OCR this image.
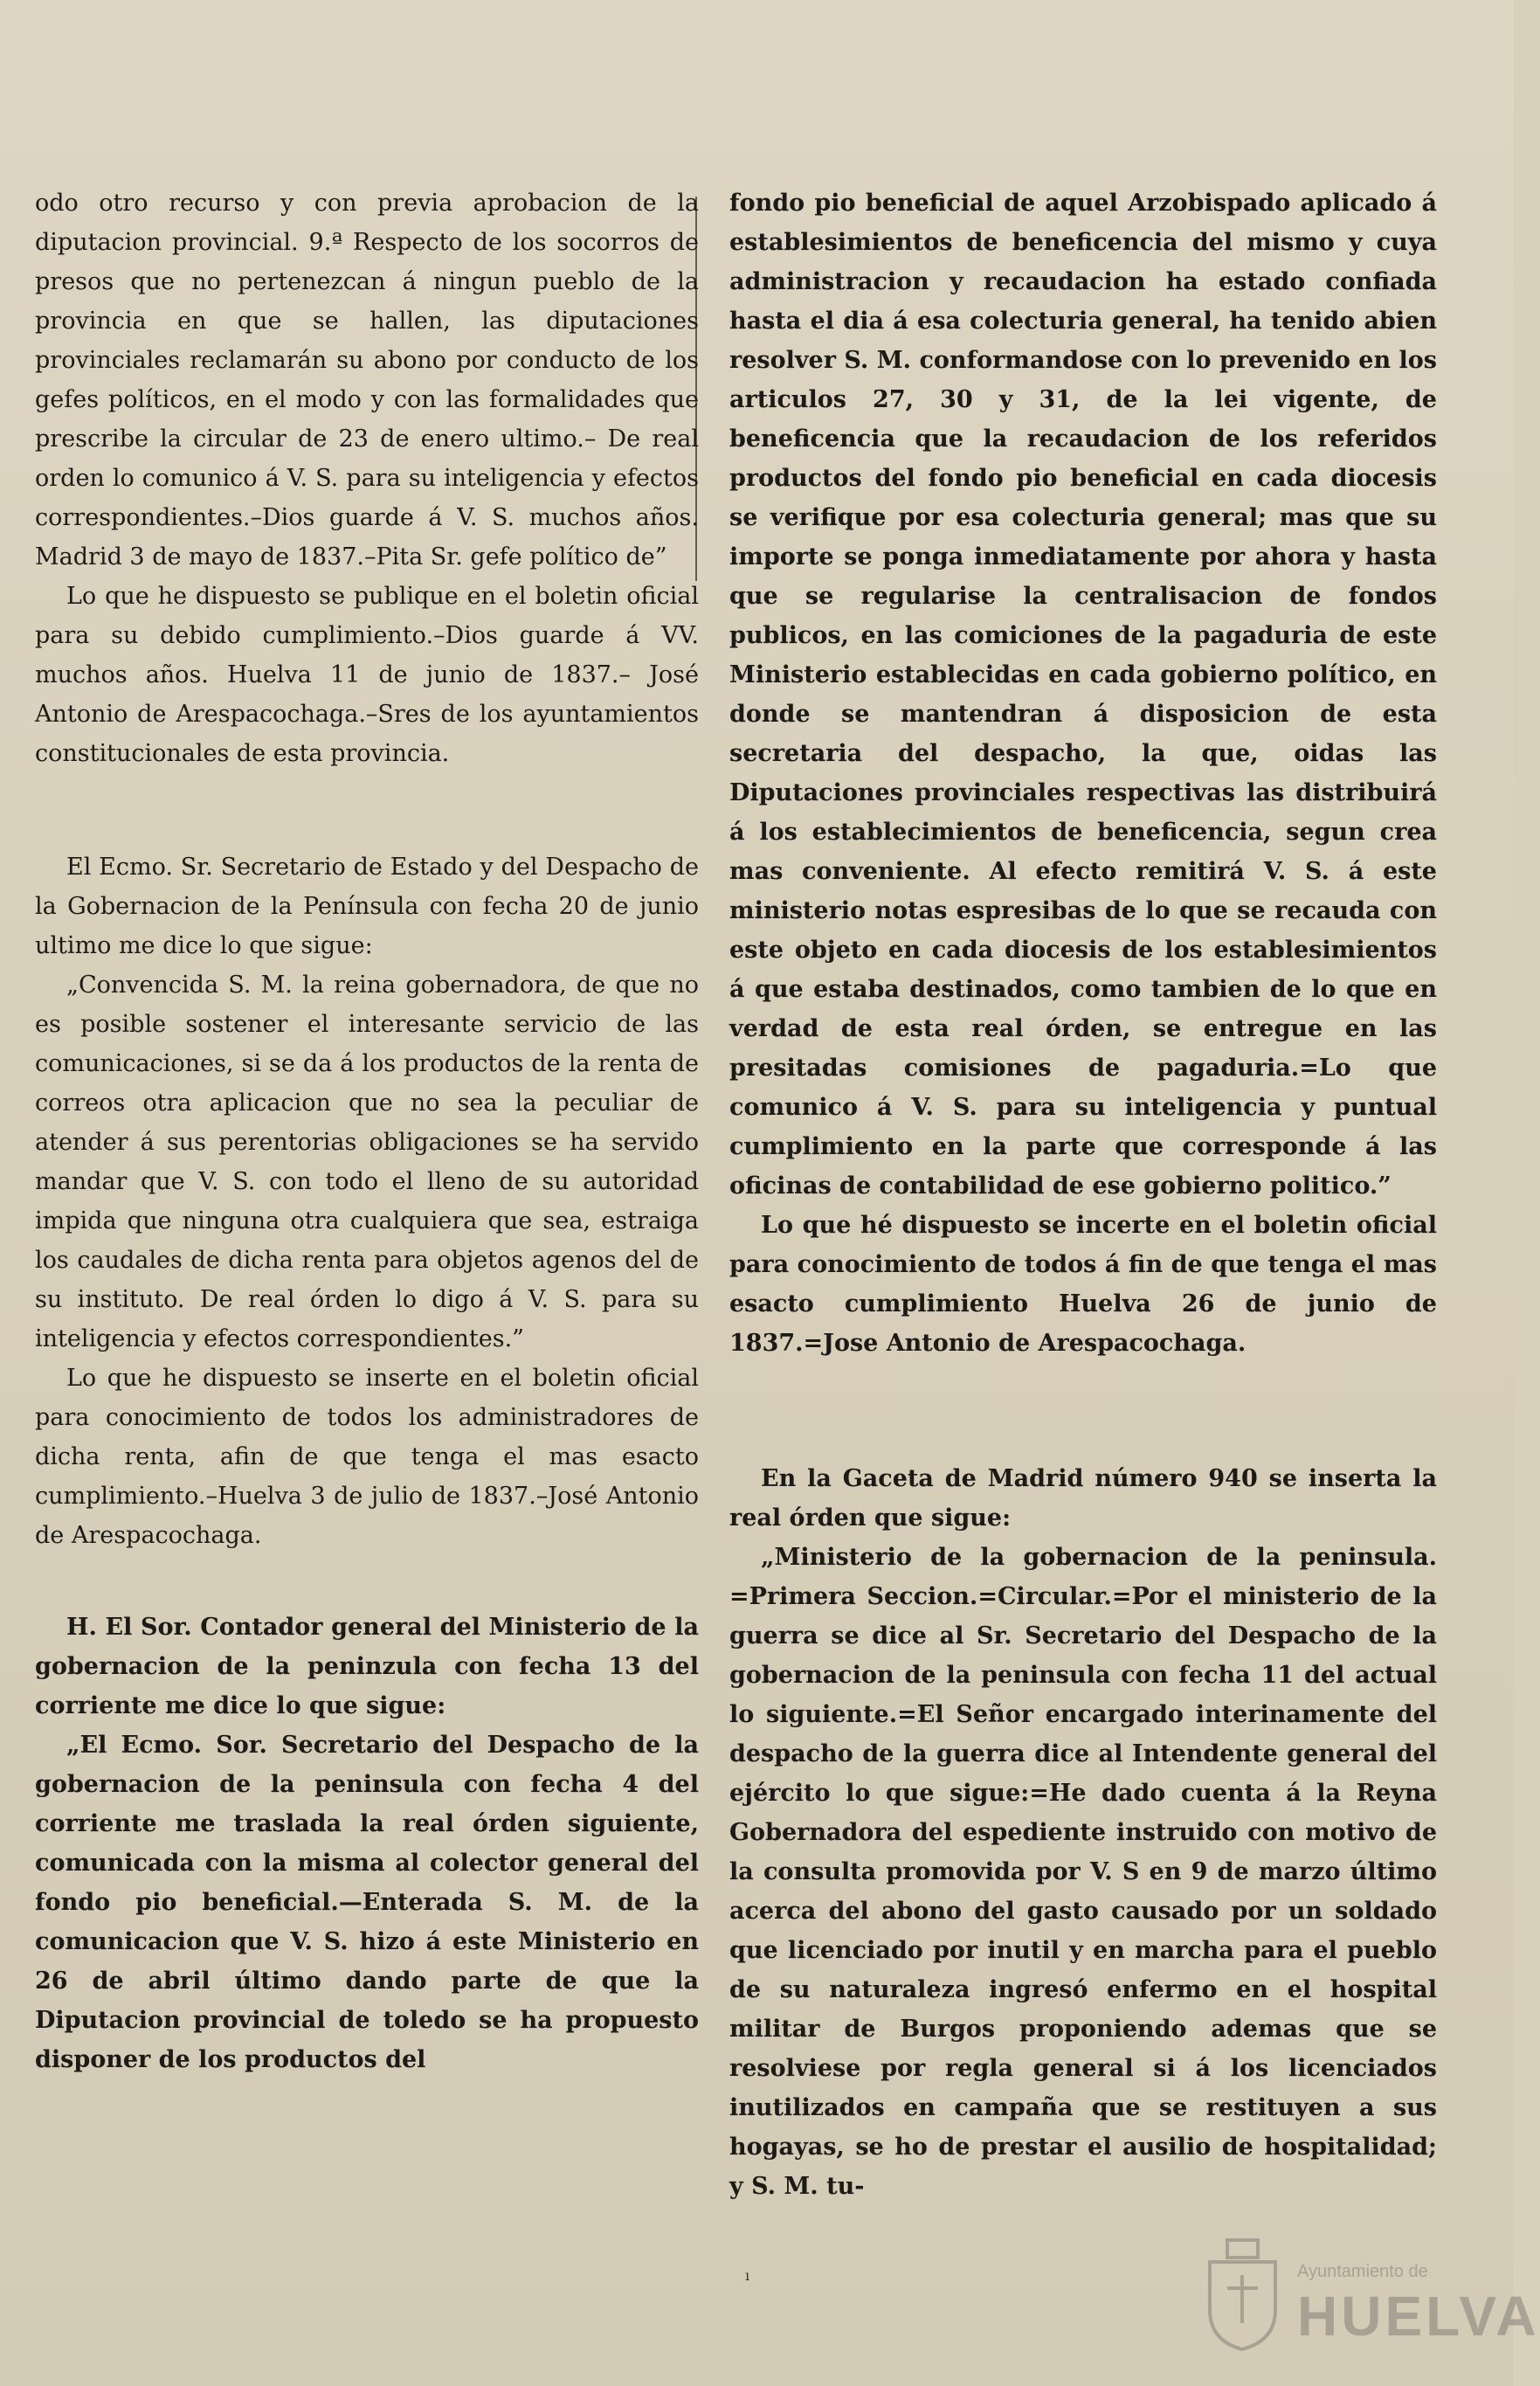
odo otro recurso y con previa aprobacion de la diputacion provincial. 9.ª Respecto de los socorros de presos que no pertenezcan á ningun pueblo de la provincia en que se hallen, las diputaciones provinciales reclamarán su abono por conducto de los gefes políticos, en el modo y con las formalidades que prescribe la circular de 23 de enero ultimo.– De real orden lo comunico á V. S. para su inteligencia y efectos correspondientes.–Dios guarde á V. S. muchos años. Madrid 3 de mayo de 1837.–Pita Sr. gefe político de”

Lo que he dispuesto se publique en el boletin oficial para su debido cumplimiento.–Dios guarde á VV. muchos años. Huelva 11 de junio de 1837.– José Antonio de Arespacochaga.–Sres de los ayuntamientos constitucionales de esta provincia.

El Ecmo. Sr. Secretario de Estado y del Despacho de la Gobernacion de la Península con fecha 20 de junio ultimo me dice lo que sigue:

„Convencida S. M. la reina gobernadora, de que no es posible sostener el interesante servicio de las comunicaciones, si se da á los productos de la renta de correos otra aplicacion que no sea la peculiar de atender á sus perentorias obligaciones se ha servido mandar que V. S. con todo el lleno de su autoridad impida que ninguna otra cualquiera que sea, estraiga los caudales de dicha renta para objetos agenos del de su instituto. De real órden lo digo á V. S. para su inteligencia y efectos correspondientes.”

Lo que he dispuesto se inserte en el boletin oficial para conocimiento de todos los administradores de dicha renta, afin de que tenga el mas esacto cumplimiento.–Huelva 3 de julio de 1837.–José Antonio de Arespacochaga.

H. El Sor. Contador general del Ministerio de la gobernacion de la peninzula con fecha 13 del corriente me dice lo que sigue:

„El Ecmo. Sor. Secretario del Despacho de la gobernacion de la peninsula con fecha 4 del corriente me traslada la real órden siguiente, comunicada con la misma al colector general del fondo pio beneficial.—Enterada S. M. de la comunicacion que V. S. hizo á este Ministerio en 26 de abril último dando parte de que la Diputacion provincial de toledo se ha propuesto disponer de los productos del

fondo pio beneficial de aquel Arzobispado aplicado á establesimientos de beneficencia del mismo y cuya administracion y recaudacion ha estado confiada hasta el dia á esa colecturia general, ha tenido abien resolver S. M. conformandose con lo prevenido en los articulos 27, 30 y 31, de la lei vigente, de beneficencia que la recaudacion de los referidos productos del fondo pio beneficial en cada diocesis se verifique por esa colecturia general; mas que su importe se ponga inmediatamente por ahora y hasta que se regularise la centralisacion de fondos publicos, en las comiciones de la pagaduria de este Ministerio establecidas en cada gobierno político, en donde se mantendran á disposicion de esta secretaria del despacho, la que, oidas las Diputaciones provinciales respectivas las distribuirá á los establecimientos de beneficencia, segun crea mas conveniente. Al efecto remitirá V. S. á este ministerio notas espresibas de lo que se recauda con este objeto en cada diocesis de los establesimientos á que estaba destinados, como tambien de lo que en verdad de esta real órden, se entregue en las presitadas comisiones de pagaduria.=Lo que comunico á V. S. para su inteligencia y puntual cumplimiento en la parte que corresponde á las oficinas de contabilidad de ese gobierno politico.”

Lo que hé dispuesto se incerte en el boletin oficial para conocimiento de todos á fin de que tenga el mas esacto cumplimiento Huelva 26 de junio de 1837.=Jose Antonio de Arespacochaga.

En la Gaceta de Madrid número 940 se inserta la real órden que sigue:

„Ministerio de la gobernacion de la peninsula. =Primera Seccion.=Circular.=Por el ministerio de la guerra se dice al Sr. Secretario del Despacho de la gobernacion de la peninsula con fecha 11 del actual lo siguiente.=El Señor encargado interinamente del despacho de la guerra dice al Intendente general del ejército lo que sigue:=He dado cuenta á la Reyna Gobernadora del espediente instruido con motivo de la consulta promovida por V. S en 9 de marzo último acerca del abono del gasto causado por un soldado que licenciado por inutil y en marcha para el pueblo de su naturaleza ingresó enfermo en el hospital militar de Burgos proponiendo ademas que se resolviese por regla general si á los licenciados inutilizados en campaña que se restituyen a sus hogayas, se ho de prestar el ausilio de hospitalidad; y S. M. tu-

ı	Ayuntamiento de
HUELVA
